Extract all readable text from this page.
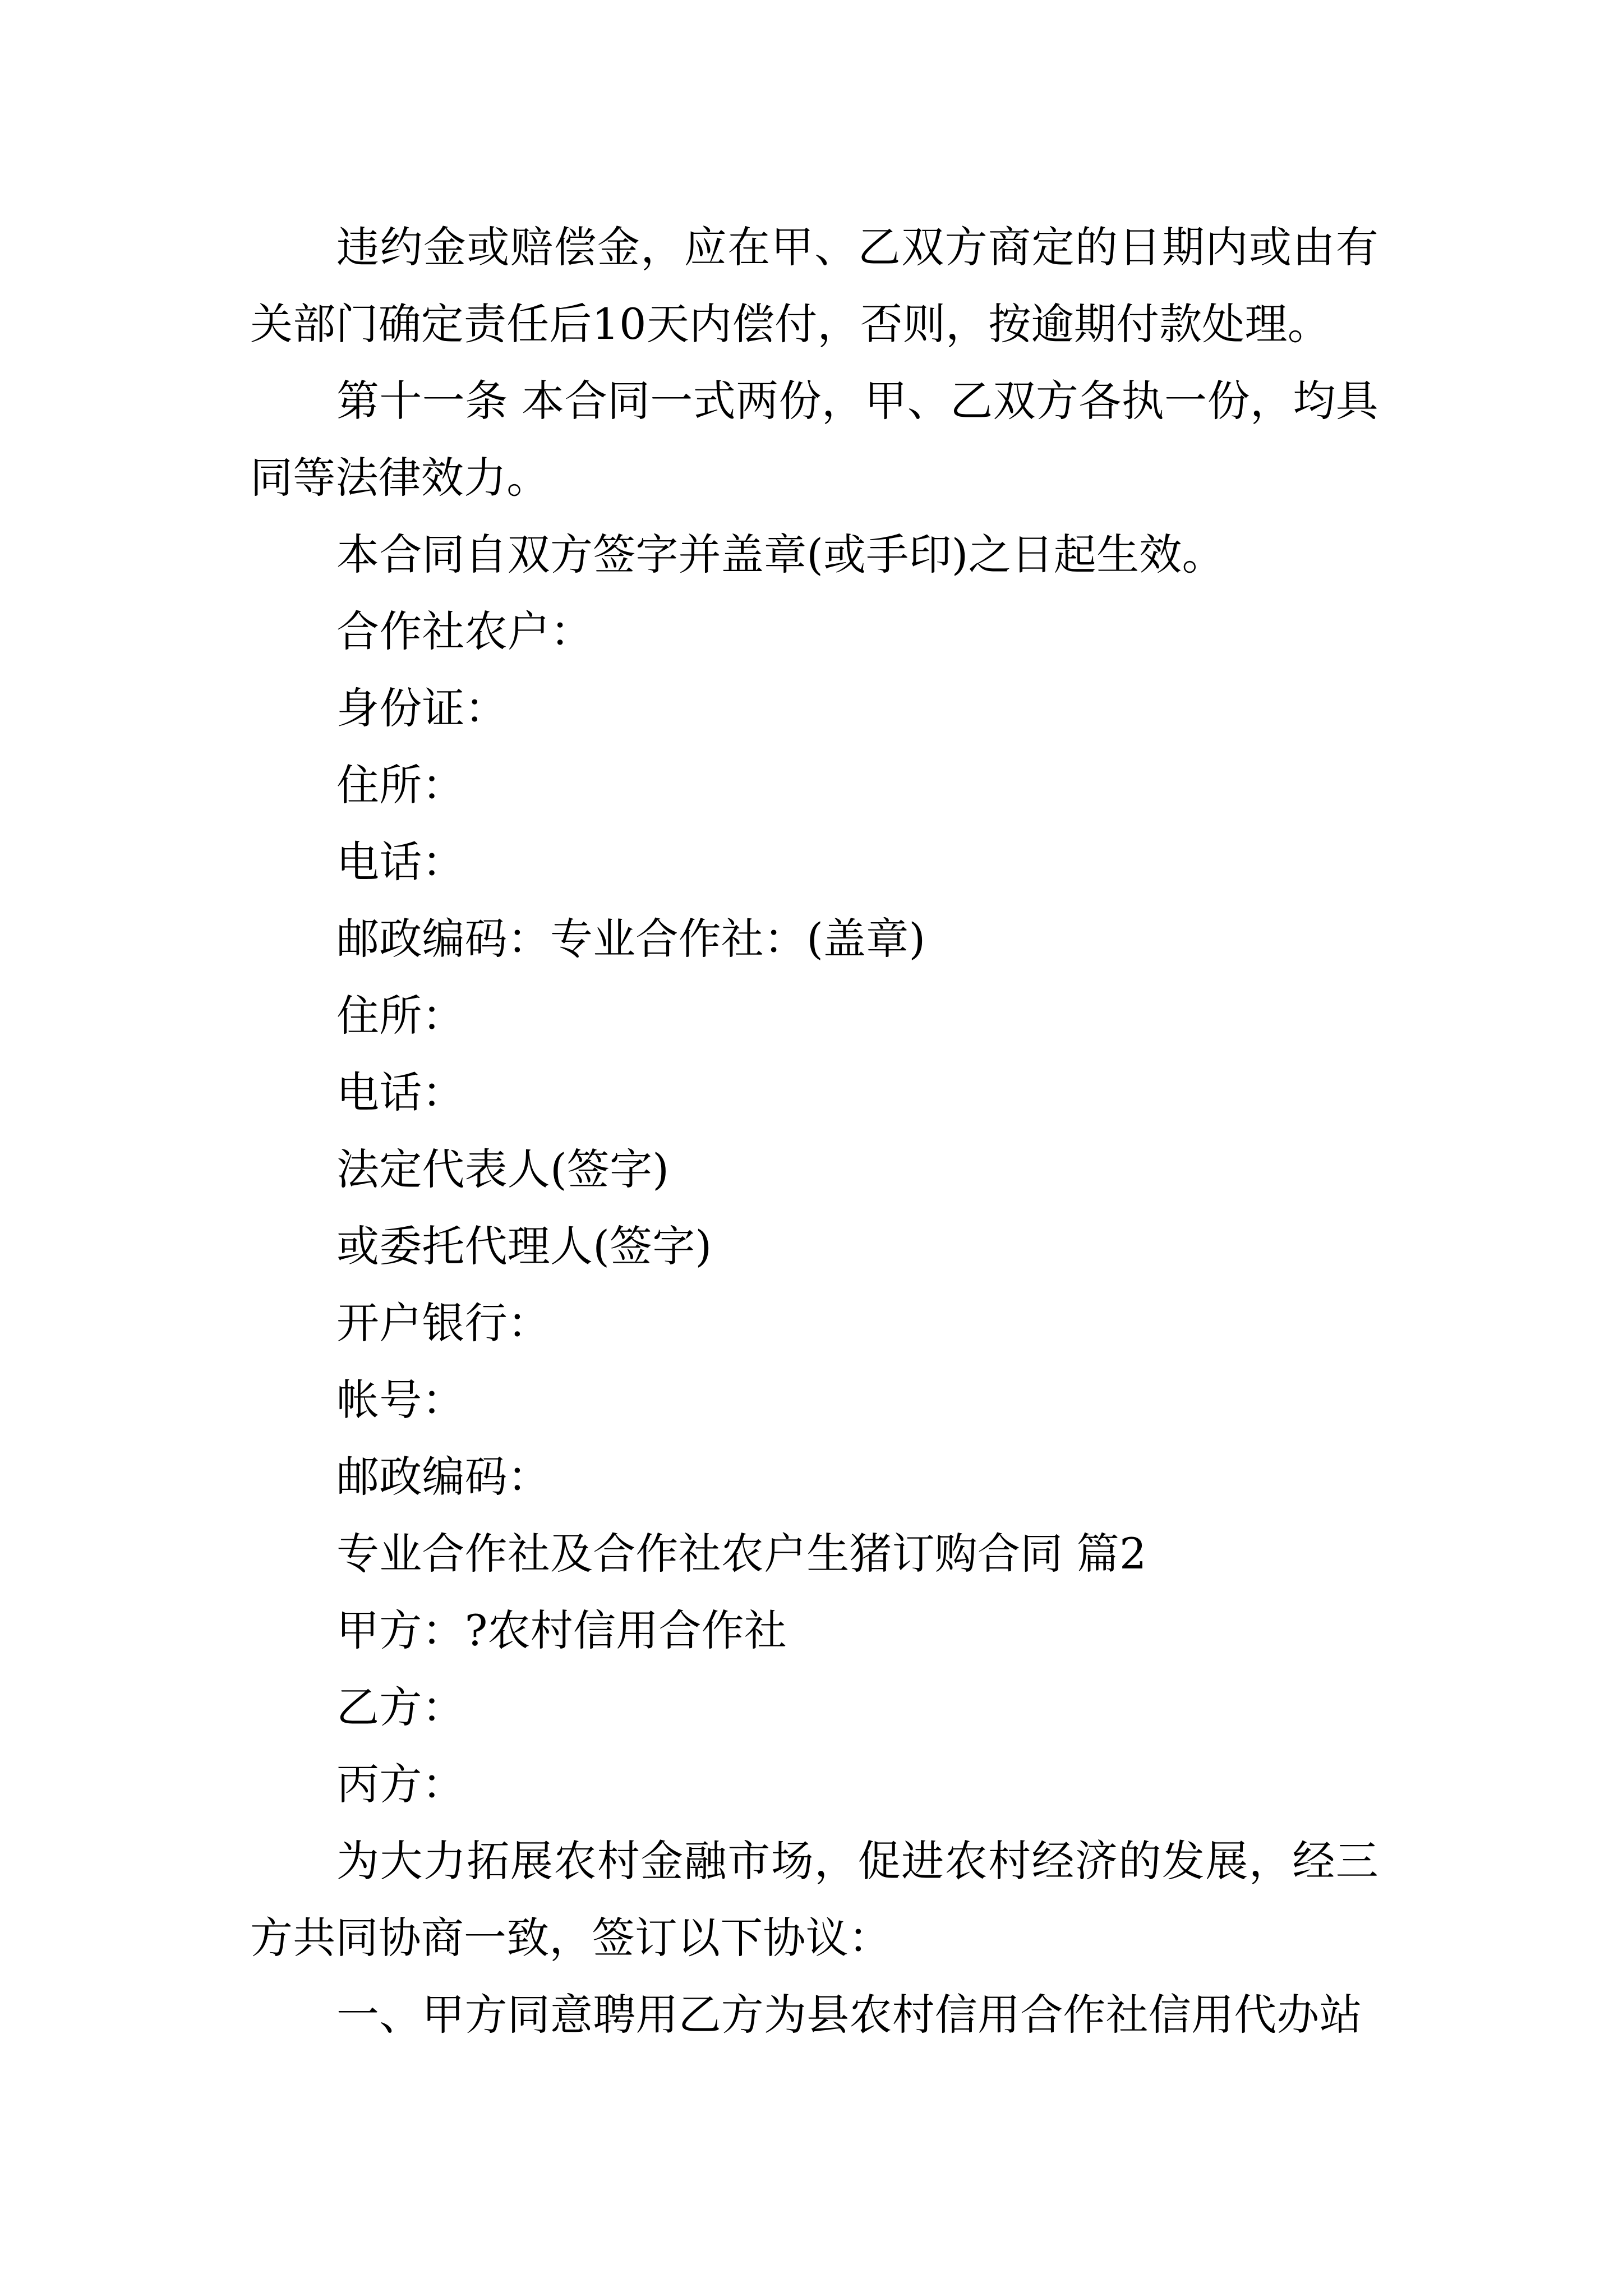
违约金或赔偿金，应在甲、乙双方商定的日期内或由有关部门确定责任后10天内偿付，否则，按逾期付款处理。

第十一条 本合同一式两份，甲、乙双方各执一份，均具同等法律效力。

本合同自双方签字并盖章(或手印)之日起生效。

合作社农户：

身份证：

住所：

电话：

邮政编码：专业合作社：(盖章)

住所：

电话：

法定代表人(签字)

或委托代理人(签字)

开户银行：

帐号：

邮政编码：

专业合作社及合作社农户生猪订购合同 篇2

甲方：?农村信用合作社

乙方：

丙方：

为大力拓展农村金融市场，促进农村经济的发展，经三方共同协商一致，签订以下协议：

一、甲方同意聘用乙方为县农村信用合作社信用代办站
